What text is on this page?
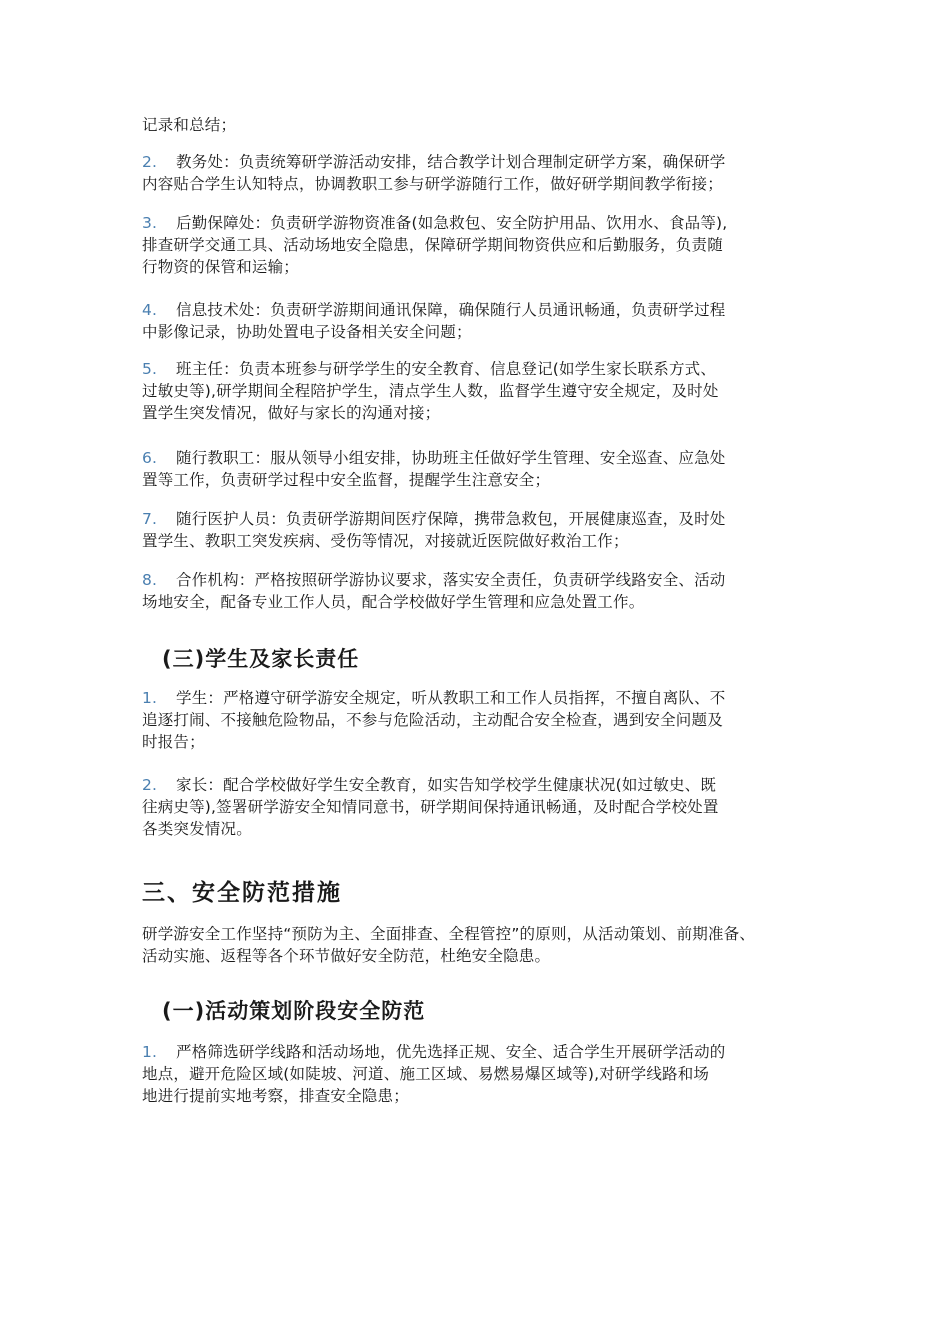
记录和总结；

2. 教务处：负责统筹研学游活动安排，结合教学计划合理制定研学方案，确保研学
内容贴合学生认知特点，协调教职工参与研学游随行工作，做好研学期间教学衔接；

3. 后勤保障处：负责研学游物资准备(如急救包、安全防护用品、饮用水、食品等),
排查研学交通工具、活动场地安全隐患，保障研学期间物资供应和后勤服务，负责随
行物资的保管和运输；

4. 信息技术处：负责研学游期间通讯保障，确保随行人员通讯畅通，负责研学过程
中影像记录，协助处置电子设备相关安全问题；

5. 班主任：负责本班参与研学学生的安全教育、信息登记(如学生家长联系方式、
过敏史等),研学期间全程陪护学生，清点学生人数，监督学生遵守安全规定，及时处
置学生突发情况，做好与家长的沟通对接；

6. 随行教职工：服从领导小组安排，协助班主任做好学生管理、安全巡查、应急处
置等工作，负责研学过程中安全监督，提醒学生注意安全；

7. 随行医护人员：负责研学游期间医疗保障，携带急救包，开展健康巡查，及时处
置学生、教职工突发疾病、受伤等情况，对接就近医院做好救治工作；

8. 合作机构：严格按照研学游协议要求，落实安全责任，负责研学线路安全、活动
场地安全，配备专业工作人员，配合学校做好学生管理和应急处置工作。

(三)学生及家长责任

1. 学生：严格遵守研学游安全规定，听从教职工和工作人员指挥，不擅自离队、不
追逐打闹、不接触危险物品，不参与危险活动，主动配合安全检查，遇到安全问题及
时报告；

2. 家长：配合学校做好学生安全教育，如实告知学校学生健康状况(如过敏史、既
往病史等),签署研学游安全知情同意书，研学期间保持通讯畅通，及时配合学校处置
各类突发情况。

三、安全防范措施

研学游安全工作坚持“预防为主、全面排查、全程管控”的原则，从活动策划、前期准备、
活动实施、返程等各个环节做好安全防范，杜绝安全隐患。

(一)活动策划阶段安全防范

1. 严格筛选研学线路和活动场地，优先选择正规、安全、适合学生开展研学活动的
地点，避开危险区域(如陡坡、河道、施工区域、易燃易爆区域等),对研学线路和场
地进行提前实地考察，排查安全隐患；
